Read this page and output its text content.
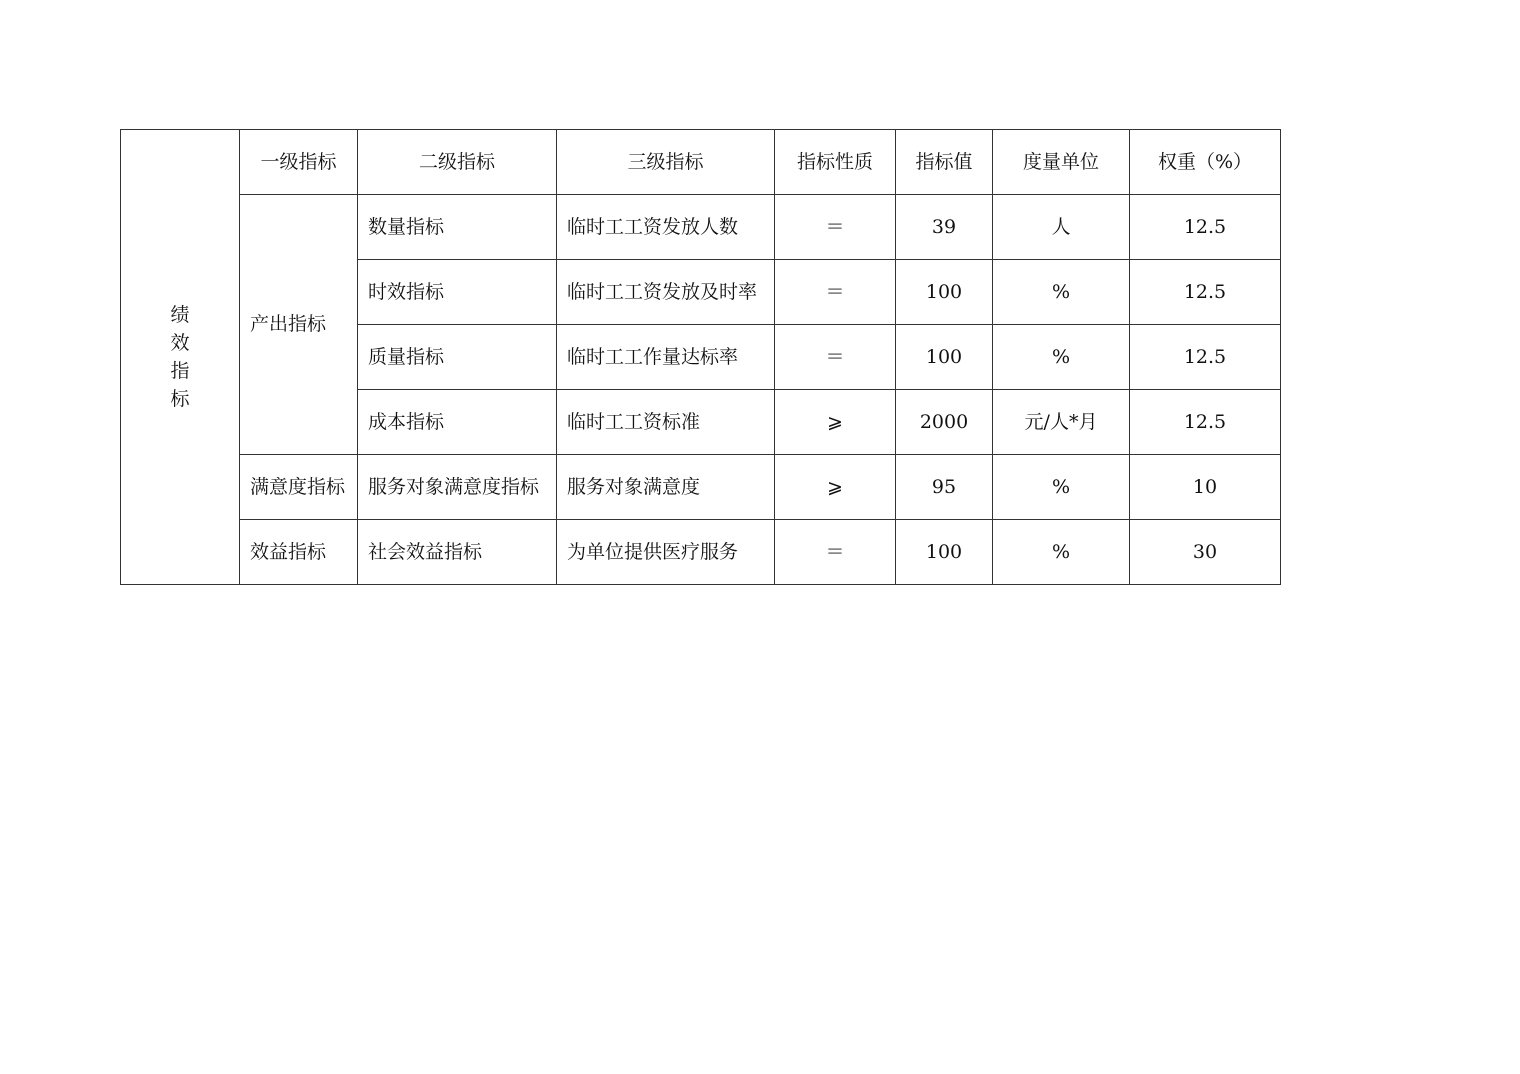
绩
效
指
标	一级指标	二级指标	三级指标	指标性质	指标值	度量单位	权重（%）
	产出指标	数量指标	临时工工资发放人数	＝	39	人	12.5
		时效指标	临时工工资发放及时率	＝	100	%	12.5
		质量指标	临时工工作量达标率	＝	100	%	12.5
		成本指标	临时工工资标准	⩾	2000	元/人*月	12.5
	满意度指标	服务对象满意度指标	服务对象满意度	⩾	95	%	10
	效益指标	社会效益指标	为单位提供医疗服务	＝	100	%	30
